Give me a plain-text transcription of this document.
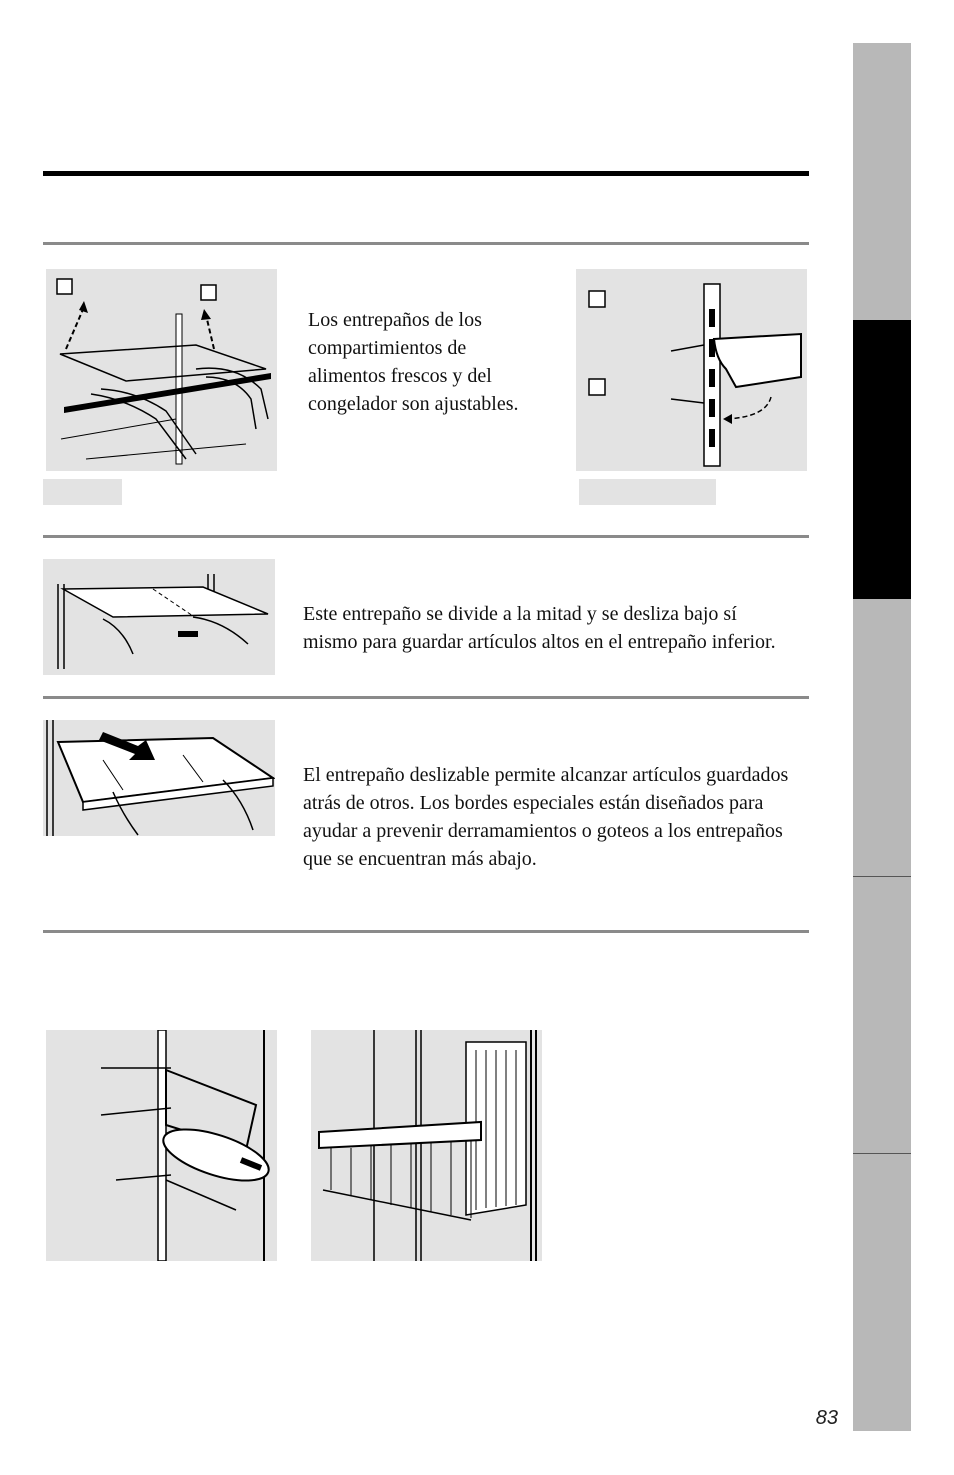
Los entrepaños de los compartimientos de alimentos frescos y del congelador son ajustables.
Este entrepaño se divide a la mitad y se desliza bajo sí mismo para guardar artículos altos en el entrepaño inferior.
El entrepaño deslizable permite alcanzar artículos guardados atrás de otros. Los bordes especiales están diseñados para ayudar a prevenir derramamientos o goteos a los entrepaños que se encuentran más abajo.
83
